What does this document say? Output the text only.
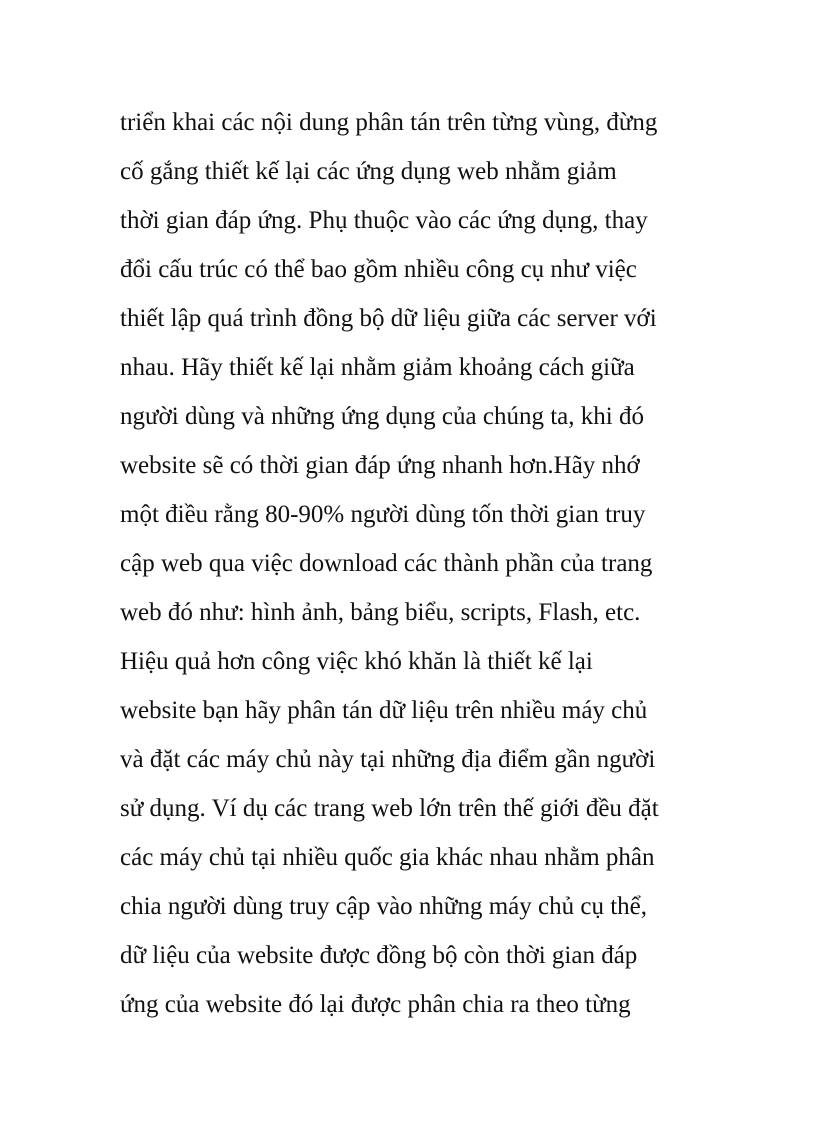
triển khai các nội dung phân tán trên từng vùng, đừng
cố gắng thiết kế lại các ứng dụng web nhằm giảm
thời gian đáp ứng. Phụ thuộc vào các ứng dụng, thay
đổi cấu trúc có thể bao gồm nhiều công cụ như việc
thiết lập quá trình đồng bộ dữ liệu giữa các server với
nhau. Hãy thiết kế lại nhằm giảm khoảng cách giữa
người dùng và những ứng dụng của chúng ta, khi đó
website sẽ có thời gian đáp ứng nhanh hơn.Hãy nhớ
một điều rằng 80-90% người dùng tốn thời gian truy
cập web qua việc download các thành phần của trang
web đó như: hình ảnh, bảng biểu, scripts, Flash, etc.
Hiệu quả hơn công việc khó khăn là thiết kế lại
website bạn hãy phân tán dữ liệu trên nhiều máy chủ
và đặt các máy chủ này tại những địa điểm gần người
sử dụng. Ví dụ các trang web lớn trên thế giới đều đặt
các máy chủ tại nhiều quốc gia khác nhau nhằm phân
chia người dùng truy cập vào những máy chủ cụ thể,
dữ liệu của website được đồng bộ còn thời gian đáp
ứng của website đó lại được phân chia ra theo từng
